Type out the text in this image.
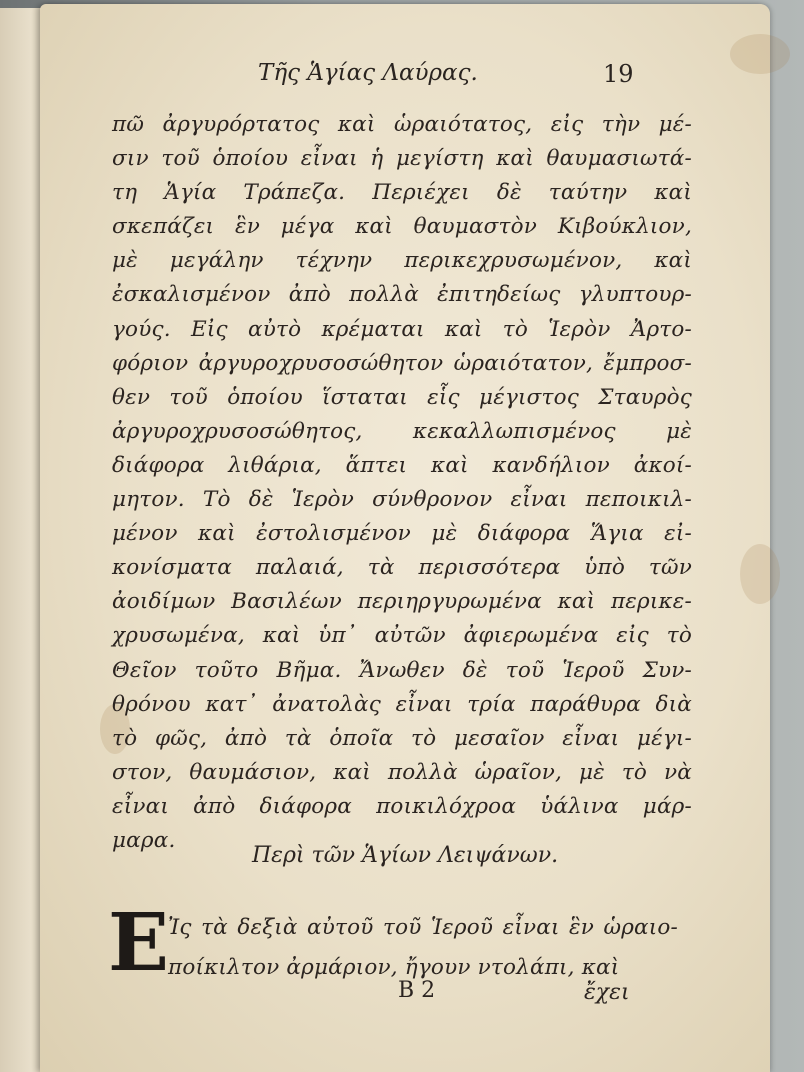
Τῆς Ἁγίας Λαύρας.	19
πῶ ἀργυρόρτατος καὶ ὡραιότατος, εἰς τὴν μέ-
σιν τοῦ ὁποίου εἶναι ἡ μεγίστη καὶ θαυμασιωτά-
τη Ἁγία Τράπεζα. Περιέχει δὲ ταύτην καὶ
σκεπάζει ἓν μέγα καὶ θαυμαστὸν Κιβούκλιον,
μὲ μεγάλην τέχνην περικεχρυσωμένον, καὶ
ἐσκαλισμένον ἀπὸ πολλὰ ἐπιτηδείως γλυπτουρ-
γούς. Εἰς αὐτὸ κρέμαται καὶ τὸ Ἱερὸν Ἀρτο-
φόριον ἀργυροχρυσοσώθητον ὡραιότατον, ἔμπροσ-
θεν τοῦ ὁποίου ἵσταται εἷς μέγιστος Σταυρὸς
ἀργυροχρυσοσώθητος, κεκαλλωπισμένος μὲ
διάφορα λιθάρια, ἅπτει καὶ κανδήλιον ἀκοί-
μητον. Τὸ δὲ Ἱερὸν σύνθρονον εἶναι πεποικιλ-
μένον καὶ ἐστολισμένον μὲ διάφορα Ἅγια εἰ-
κονίσματα παλαιά, τὰ περισσότερα ὑπὸ τῶν
ἀοιδίμων Βασιλέων περιηργυρωμένα καὶ περικε-
χρυσωμένα, καὶ ὑπ᾽ αὐτῶν ἀφιερωμένα εἰς τὸ
Θεῖον τοῦτο Βῆμα. Ἄνωθεν δὲ τοῦ Ἱεροῦ Συν-
θρόνου κατ᾽ ἀνατολὰς εἶναι τρία παράθυρα διὰ
τὸ φῶς, ἀπὸ τὰ ὁποῖα τὸ μεσαῖον εἶναι μέγι-
στον, θαυμάσιον, καὶ πολλὰ ὡραῖον, μὲ τὸ νὰ
εἶναι ἀπὸ διάφορα ποικιλόχροα ὑάλινα μάρ-
μαρα.
Περὶ τῶν Ἁγίων Λειψάνων.
Ε Ἰς τὰ δεξιὰ αὐτοῦ τοῦ Ἱεροῦ εἶναι ἓν ὡραιο-
ποίκιλτον ἀρμάριον, ἤγουν ντολάπι, καὶ
Β 2	ἔχει
